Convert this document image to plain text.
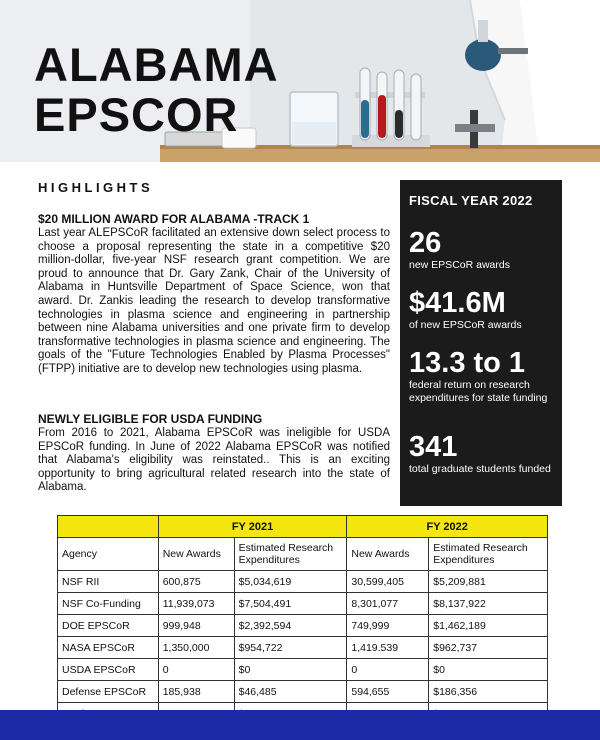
ALABAMA
EPSCOR
HIGHLIGHTS
$20 MILLION AWARD FOR ALABAMA -TRACK 1
Last year ALEPSCoR facilitated an extensive down select process to choose a proposal representing the state in a competitive $20 million-dollar, five-year NSF research grant competition. We are proud to announce that Dr. Gary Zank, Chair of the University of Alabama in Huntsville Department of Space Science, won that award. Dr. Zankis leading the research to develop transformative technologies in plasma science and engineering in partnership between nine Alabama universities and one private firm to develop transformative technologies in plasma science and engineering. The goals of the "Future Technologies Enabled by Plasma Processes" (FTPP) initiative are to develop new technologies using plasma.
NEWLY ELIGIBLE FOR USDA FUNDING
From 2016 to 2021, Alabama EPSCoR was ineligible for USDA EPSCoR funding. In June of 2022 Alabama EPSCoR was notified that Alabama's eligibility was reinstated.. This is an exciting opportunity to bring agricultural related research into the state of Alabama.
FISCAL YEAR 2022
26
new EPSCoR awards
$41.6M
of new EPSCoR awards
13.3 to 1
federal return on research expenditures for state funding
341
total graduate students funded
	FY 2021		FY 2022	
Agency	New Awards	Estimated Research Expenditures	New Awards	Estimated Research Expenditures
NSF RII	600,875	$5,034,619	30,599,405	$5,209,881
NSF Co-Funding	11,939,073	$7,504,491	8,301,077	$8,137,922
DOE EPSCoR	999,948	$2,392,594	749,999	$1,462,189
NASA EPSCoR	1,350,000	$954,722	1,419.539	$962,737
USDA EPSCoR	0	$0	0	$0
Defense EPSCoR	185,938	$46,485	594,655	$186,356
